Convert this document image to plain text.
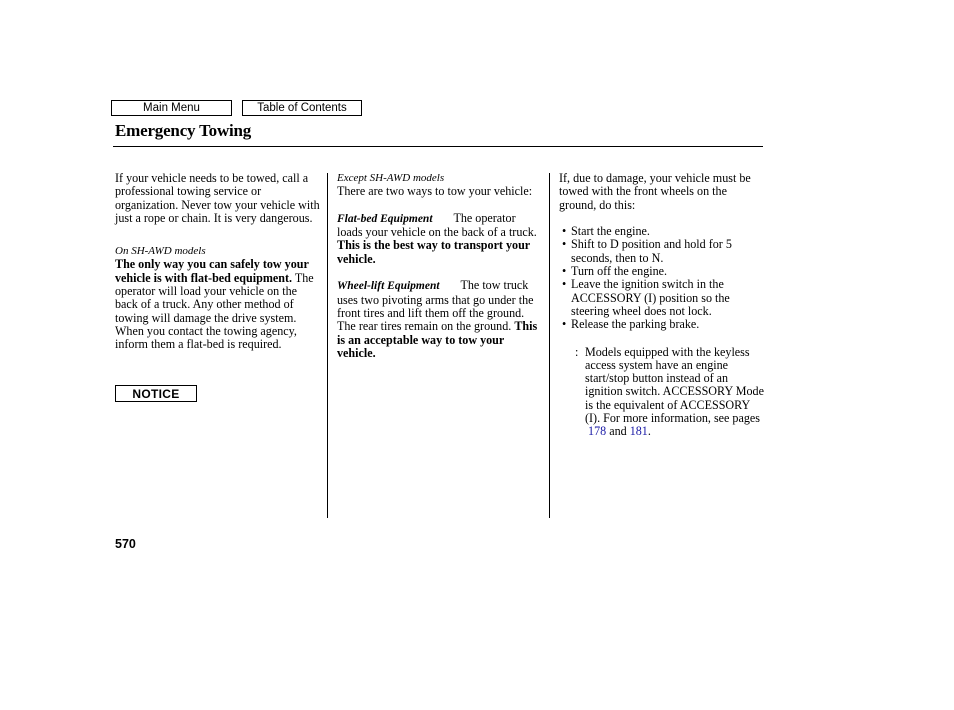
Main Menu	Table of Contents
Emergency Towing

If your vehicle needs to be towed, call a professional towing service or organization. Never tow your vehicle with just a rope or chain. It is very dangerous.

On SH-AWD models

The only way you can safely tow your vehicle is with flat-bed equipment. The operator will load your vehicle on the back of a truck. Any other method of towing will damage the drive system. When you contact the towing agency, inform them a flat-bed is required.

NOTICE

Except SH-AWD models

There are two ways to tow your vehicle:

Flat-bed Equipment The operator loads your vehicle on the back of a truck. This is the best way to transport your vehicle.

Wheel-lift Equipment The tow truck uses two pivoting arms that go under the front tires and lift them off the ground. The rear tires remain on the ground. This is an acceptable way to tow your vehicle.

If, due to damage, your vehicle must be towed with the front wheels on the ground, do this:

• Start the engine.
• Shift to D position and hold for 5 seconds, then to N.
• Turn off the engine.
• Leave the ignition switch in the ACCESSORY (I) position so the steering wheel does not lock.
• Release the parking brake.
: Models equipped with the keyless access system have an engine start/stop button instead of an ignition switch. ACCESSORY Mode is the equivalent of ACCESSORY (I). For more information, see pages
178 and 181.

570
